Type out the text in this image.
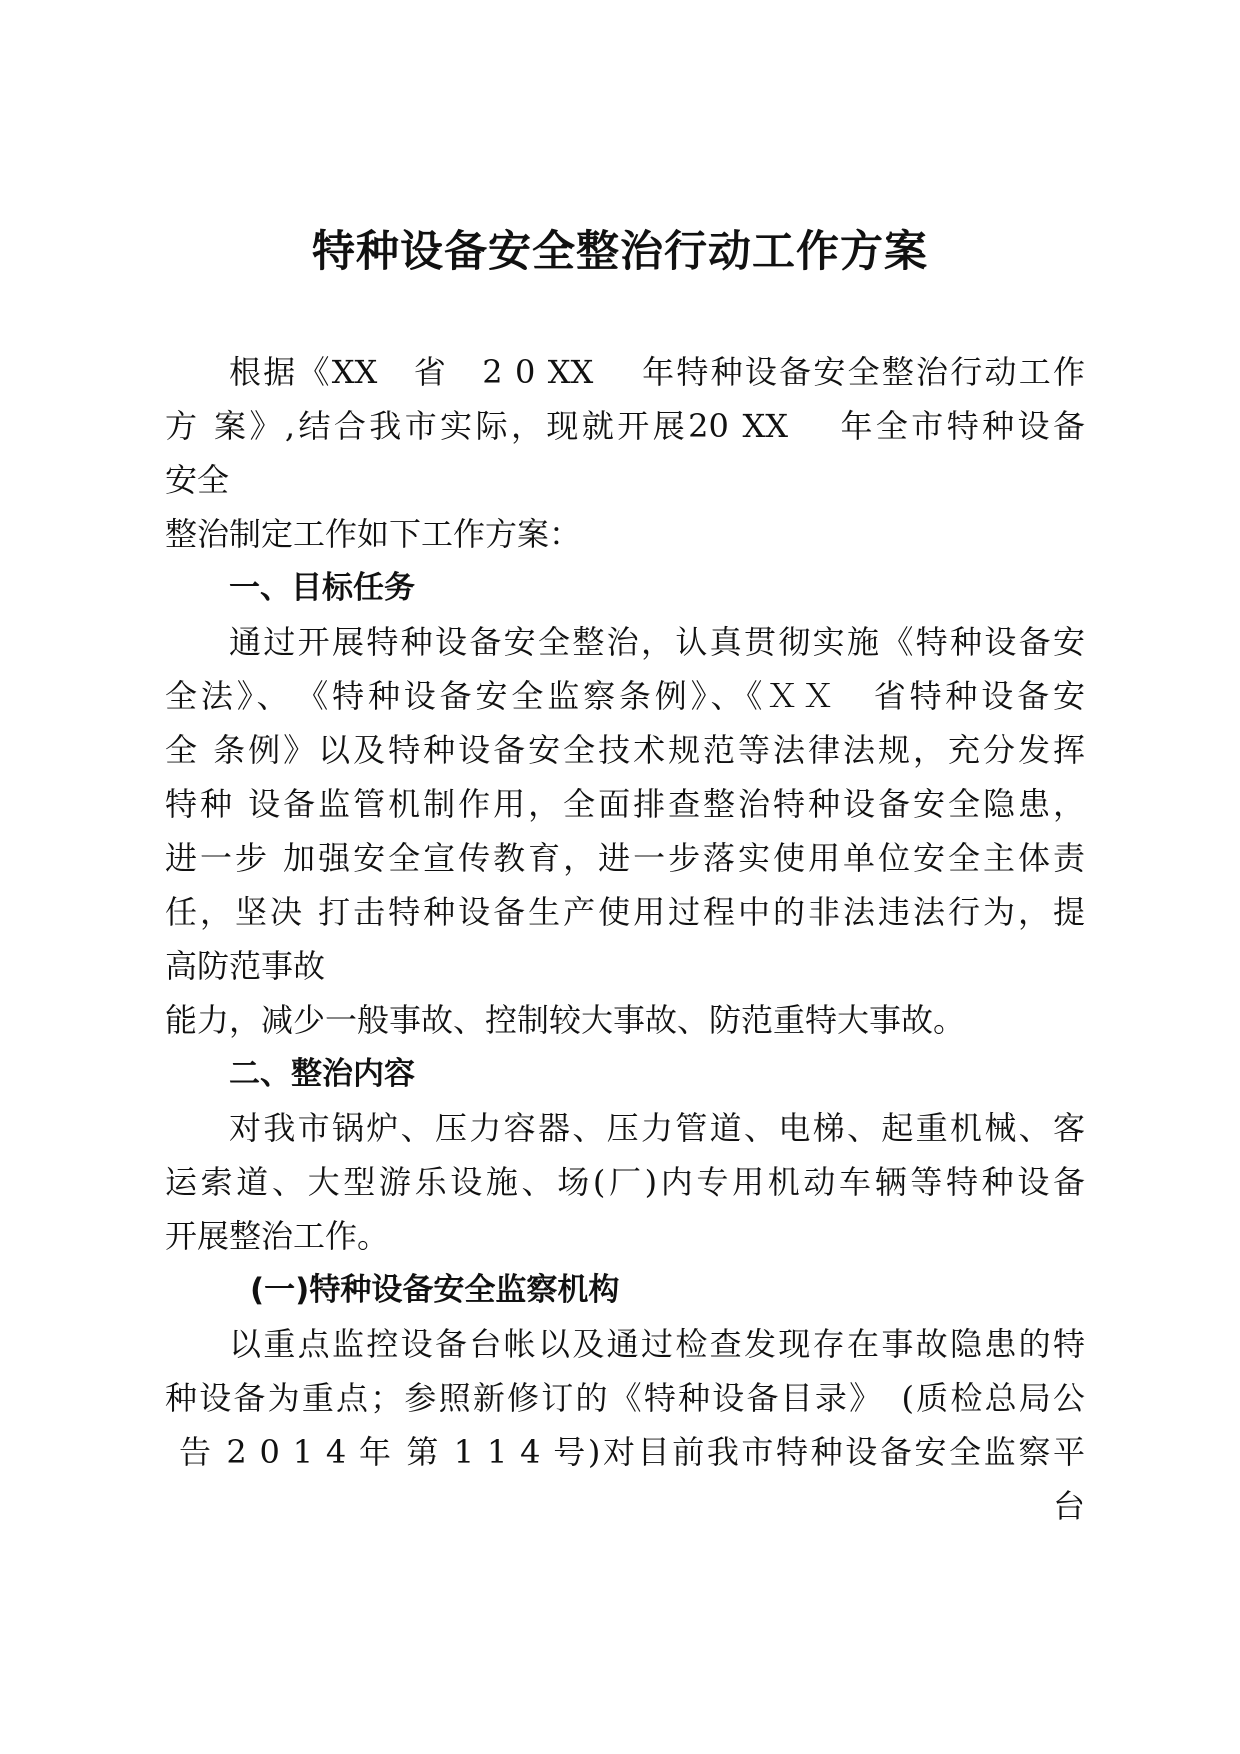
特种设备安全整治行动工作方案

根据《XX　省　2 0 XX　 年特种设备安全整治行动工作

方 案》,结合我市实际，现就开展20 XX　 年全市特种设备
安全
整治制定工作如下工作方案：

一、目标任务

通过开展特种设备安全整治，认真贯彻实施《特种设备安

全法》、　《特种设备安全监察条例》、《ＸＸ　省特种设备安
全 条例》以及特种设备安全技术规范等法律法规，充分发挥
特种 设备监管机制作用，全面排查整治特种设备安全隐患，
进一步 加强安全宣传教育，进一步落实使用单位安全主体责
任，坚决 打击特种设备生产使用过程中的非法违法行为，提
高防范事故
能力，减少一般事故、控制较大事故、防范重特大事故。

二、整治内容

对我市锅炉、压力容器、压力管道、电梯、起重机械、客

运索道、大型游乐设施、场(厂)内专用机动车辆等特种设备
开展整治工作。

(一)特种设备安全监察机构

以重点监控设备台帐以及通过检查发现存在事故隐患的特

种设备为重点；参照新修订的《特种设备目录》　(质检总局公
告 2 0 1 4 年 第 1 1 4 号)对目前我市特种设备安全监察平
台
